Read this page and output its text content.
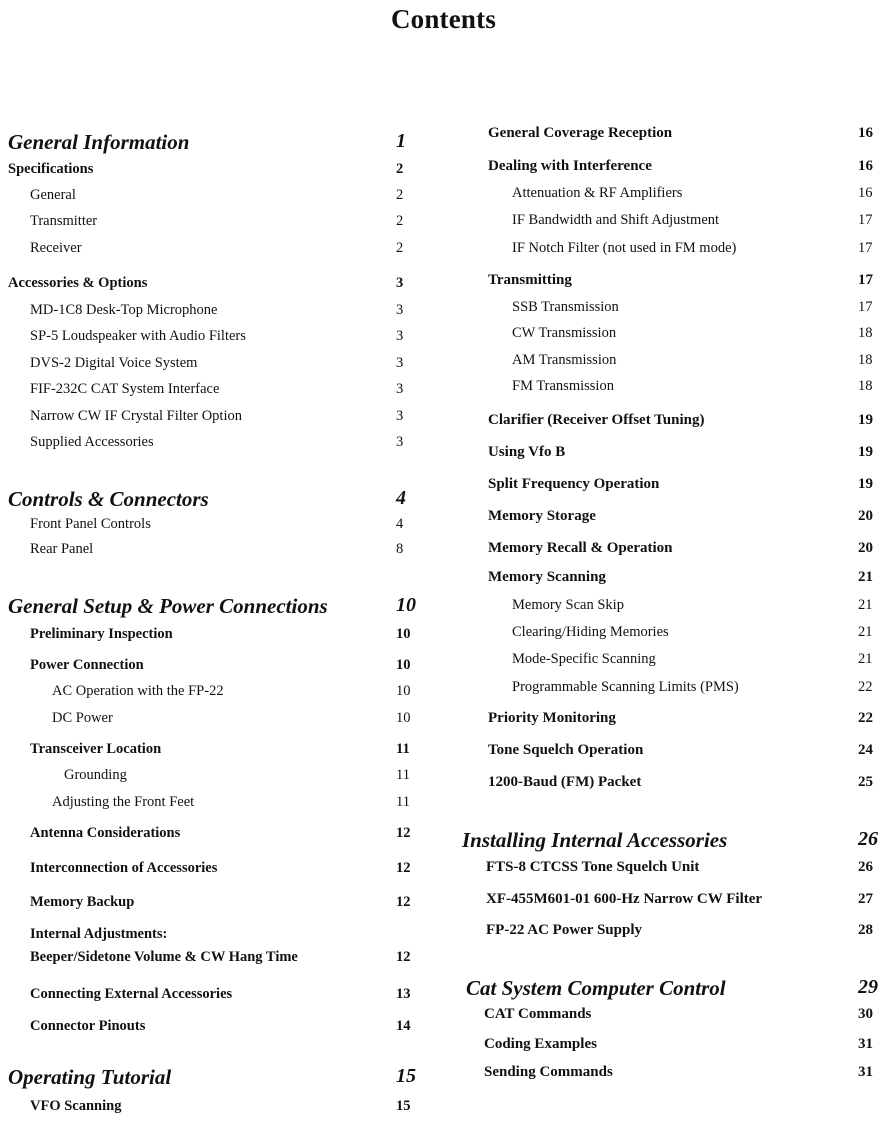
Contents
General Information	1
Specifications	2
General	2
Transmitter	2
Receiver	2
Accessories & Options	3
MD-1C8 Desk-Top Microphone	3
SP-5 Loudspeaker with Audio Filters	3
DVS-2 Digital Voice System	3
FIF-232C CAT System Interface	3
Narrow CW IF Crystal Filter Option	3
Supplied Accessories	3
Controls & Connectors	4
Front Panel Controls	4
Rear Panel	8
General Setup & Power Connections	10
Preliminary Inspection	10
Power Connection	10
AC Operation with the FP-22	10
DC Power	10
Transceiver Location	11
Grounding	11
Adjusting the Front Feet	11
Antenna Considerations	12
Interconnection of Accessories	12
Memory Backup	12
Internal Adjustments:
Beeper/Sidetone Volume & CW Hang Time	12
Connecting External Accessories	13
Connector Pinouts	14
Operating Tutorial	15
VFO Scanning	15
General Coverage Reception	16
Dealing with Interference	16
Attenuation & RF Amplifiers	16
IF Bandwidth and Shift Adjustment	17
IF Notch Filter (not used in FM mode)	17
Transmitting	17
SSB Transmission	17
CW Transmission	18
AM Transmission	18
FM Transmission	18
Clarifier (Receiver Offset Tuning)	19
Using Vfo B	19
Split Frequency Operation	19
Memory Storage	20
Memory Recall & Operation	20
Memory Scanning	21
Memory Scan Skip	21
Clearing/Hiding Memories	21
Mode-Specific Scanning	21
Programmable Scanning Limits (PMS)	22
Priority Monitoring	22
Tone Squelch Operation	24
1200-Baud (FM) Packet	25
Installing Internal Accessories	26
FTS-8 CTCSS Tone Squelch Unit	26
XF-455M601-01 600-Hz Narrow CW Filter	27
FP-22 AC Power Supply	28
Cat System Computer Control	29
CAT Commands	30
Coding Examples	31
Sending Commands	31
